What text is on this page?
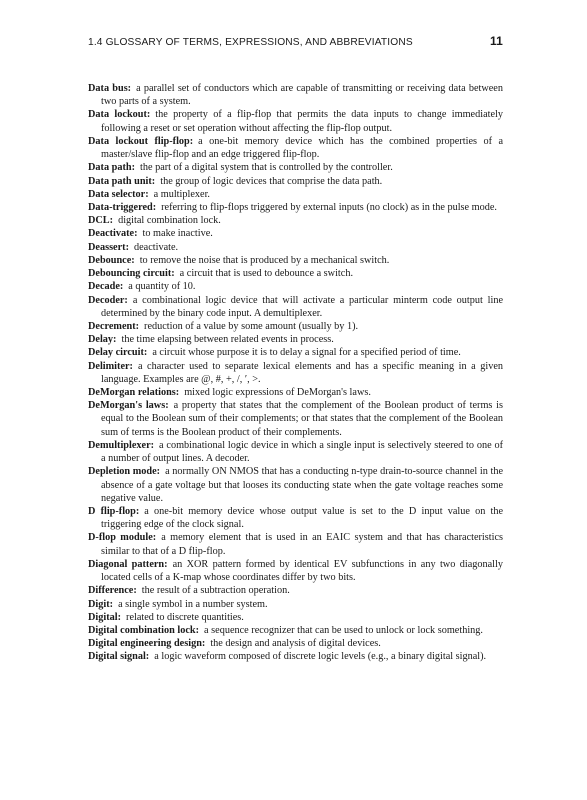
1.4 GLOSSARY OF TERMS, EXPRESSIONS, AND ABBREVIATIONS	11
Data bus: a parallel set of conductors which are capable of transmitting or receiving data between two parts of a system.
Data lockout: the property of a flip-flop that permits the data inputs to change immediately following a reset or set operation without affecting the flip-flop output.
Data lockout flip-flop: a one-bit memory device which has the combined properties of a master/slave flip-flop and an edge triggered flip-flop.
Data path: the part of a digital system that is controlled by the controller.
Data path unit: the group of logic devices that comprise the data path.
Data selector: a multiplexer.
Data-triggered: referring to flip-flops triggered by external inputs (no clock) as in the pulse mode.
DCL: digital combination lock.
Deactivate: to make inactive.
Deassert: deactivate.
Debounce: to remove the noise that is produced by a mechanical switch.
Debouncing circuit: a circuit that is used to debounce a switch.
Decade: a quantity of 10.
Decoder: a combinational logic device that will activate a particular minterm code output line determined by the binary code input. A demultiplexer.
Decrement: reduction of a value by some amount (usually by 1).
Delay: the time elapsing between related events in process.
Delay circuit: a circuit whose purpose it is to delay a signal for a specified period of time.
Delimiter: a character used to separate lexical elements and has a specific meaning in a given language. Examples are @, #, +, /, ′, >.
DeMorgan relations: mixed logic expressions of DeMorgan's laws.
DeMorgan's laws: a property that states that the complement of the Boolean product of terms is equal to the Boolean sum of their complements; or that states that the complement of the Boolean sum of terms is the Boolean product of their complements.
Demultiplexer: a combinational logic device in which a single input is selectively steered to one of a number of output lines. A decoder.
Depletion mode: a normally ON NMOS that has a conducting n-type drain-to-source channel in the absence of a gate voltage but that looses its conducting state when the gate voltage reaches some negative value.
D flip-flop: a one-bit memory device whose output value is set to the D input value on the triggering edge of the clock signal.
D-flop module: a memory element that is used in an EAIC system and that has characteristics similar to that of a D flip-flop.
Diagonal pattern: an XOR pattern formed by identical EV subfunctions in any two diagonally located cells of a K-map whose coordinates differ by two bits.
Difference: the result of a subtraction operation.
Digit: a single symbol in a number system.
Digital: related to discrete quantities.
Digital combination lock: a sequence recognizer that can be used to unlock or lock something.
Digital engineering design: the design and analysis of digital devices.
Digital signal: a logic waveform composed of discrete logic levels (e.g., a binary digital signal).
